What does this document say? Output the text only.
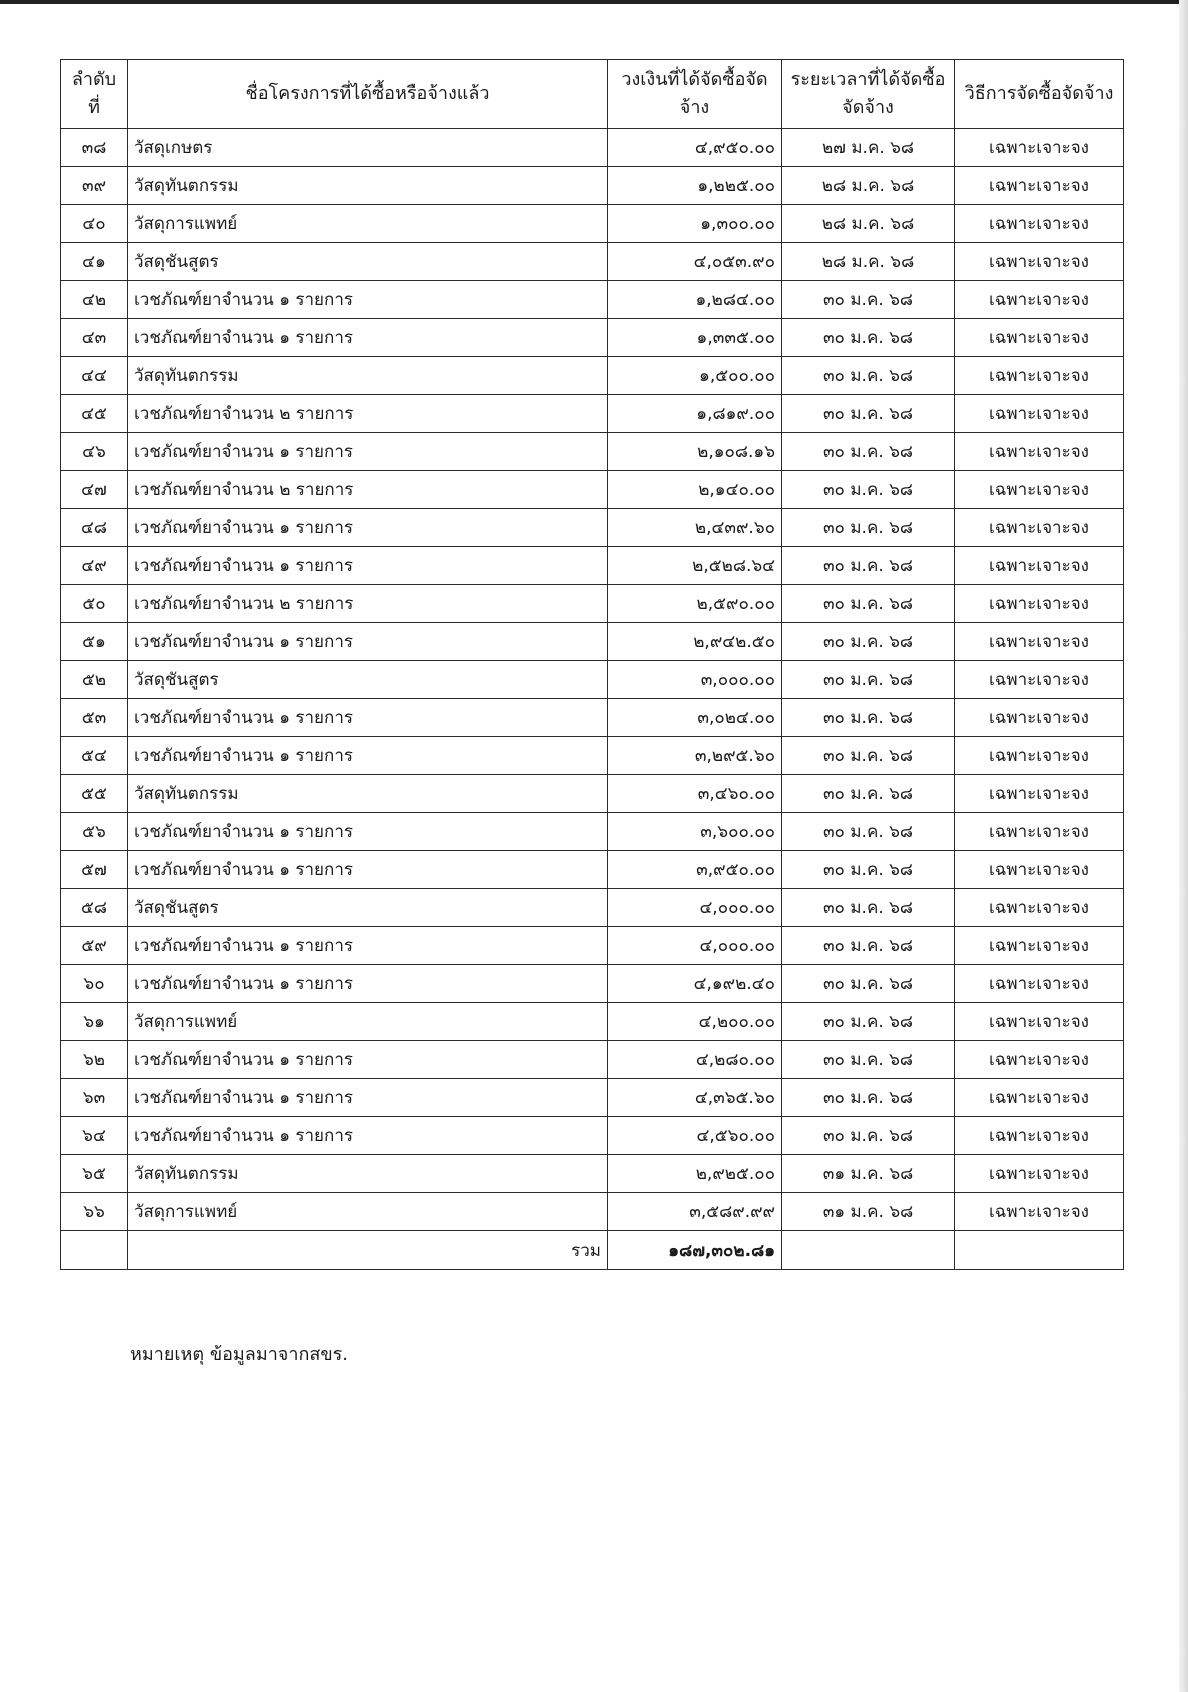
ลำดับที่	ชื่อโครงการที่ได้ซื้อหรือจ้างแล้ว	วงเงินที่ได้จัดซื้อจัดจ้าง	ระยะเวลาที่ได้จัดซื้อจัดจ้าง	วิธีการจัดซื้อจัดจ้าง
๓๘	วัสดุเกษตร	๔,๙๕๐.๐๐	๒๗ ม.ค. ๖๘	เฉพาะเจาะจง
๓๙	วัสดุทันตกรรม	๑,๒๒๕.๐๐	๒๘ ม.ค. ๖๘	เฉพาะเจาะจง
๔๐	วัสดุการแพทย์	๑,๓๐๐.๐๐	๒๘ ม.ค. ๖๘	เฉพาะเจาะจง
๔๑	วัสดุชันสูตร	๔,๐๕๓.๙๐	๒๘ ม.ค. ๖๘	เฉพาะเจาะจง
๔๒	เวชภัณฑ์ยาจำนวน ๑ รายการ	๑,๒๘๔.๐๐	๓๐ ม.ค. ๖๘	เฉพาะเจาะจง
๔๓	เวชภัณฑ์ยาจำนวน ๑ รายการ	๑,๓๓๕.๐๐	๓๐ ม.ค. ๖๘	เฉพาะเจาะจง
๔๔	วัสดุทันตกรรม	๑,๕๐๐.๐๐	๓๐ ม.ค. ๖๘	เฉพาะเจาะจง
๔๕	เวชภัณฑ์ยาจำนวน ๒ รายการ	๑,๘๑๙.๐๐	๓๐ ม.ค. ๖๘	เฉพาะเจาะจง
๔๖	เวชภัณฑ์ยาจำนวน ๑ รายการ	๒,๑๐๘.๑๖	๓๐ ม.ค. ๖๘	เฉพาะเจาะจง
๔๗	เวชภัณฑ์ยาจำนวน ๒ รายการ	๒,๑๔๐.๐๐	๓๐ ม.ค. ๖๘	เฉพาะเจาะจง
๔๘	เวชภัณฑ์ยาจำนวน ๑ รายการ	๒,๔๓๙.๖๐	๓๐ ม.ค. ๖๘	เฉพาะเจาะจง
๔๙	เวชภัณฑ์ยาจำนวน ๑ รายการ	๒,๕๒๘.๖๔	๓๐ ม.ค. ๖๘	เฉพาะเจาะจง
๕๐	เวชภัณฑ์ยาจำนวน ๒ รายการ	๒,๕๙๐.๐๐	๓๐ ม.ค. ๖๘	เฉพาะเจาะจง
๕๑	เวชภัณฑ์ยาจำนวน ๑ รายการ	๒,๙๔๒.๕๐	๓๐ ม.ค. ๖๘	เฉพาะเจาะจง
๕๒	วัสดุชันสูตร	๓,๐๐๐.๐๐	๓๐ ม.ค. ๖๘	เฉพาะเจาะจง
๕๓	เวชภัณฑ์ยาจำนวน ๑ รายการ	๓,๐๒๔.๐๐	๓๐ ม.ค. ๖๘	เฉพาะเจาะจง
๕๔	เวชภัณฑ์ยาจำนวน ๑ รายการ	๓,๒๙๕.๖๐	๓๐ ม.ค. ๖๘	เฉพาะเจาะจง
๕๕	วัสดุทันตกรรม	๓,๔๖๐.๐๐	๓๐ ม.ค. ๖๘	เฉพาะเจาะจง
๕๖	เวชภัณฑ์ยาจำนวน ๑ รายการ	๓,๖๐๐.๐๐	๓๐ ม.ค. ๖๘	เฉพาะเจาะจง
๕๗	เวชภัณฑ์ยาจำนวน ๑ รายการ	๓,๙๕๐.๐๐	๓๐ ม.ค. ๖๘	เฉพาะเจาะจง
๕๘	วัสดุชันสูตร	๔,๐๐๐.๐๐	๓๐ ม.ค. ๖๘	เฉพาะเจาะจง
๕๙	เวชภัณฑ์ยาจำนวน ๑ รายการ	๔,๐๐๐.๐๐	๓๐ ม.ค. ๖๘	เฉพาะเจาะจง
๖๐	เวชภัณฑ์ยาจำนวน ๑ รายการ	๔,๑๙๒.๔๐	๓๐ ม.ค. ๖๘	เฉพาะเจาะจง
๖๑	วัสดุการแพทย์	๔,๒๐๐.๐๐	๓๐ ม.ค. ๖๘	เฉพาะเจาะจง
๖๒	เวชภัณฑ์ยาจำนวน ๑ รายการ	๔,๒๘๐.๐๐	๓๐ ม.ค. ๖๘	เฉพาะเจาะจง
๖๓	เวชภัณฑ์ยาจำนวน ๑ รายการ	๔,๓๖๕.๖๐	๓๐ ม.ค. ๖๘	เฉพาะเจาะจง
๖๔	เวชภัณฑ์ยาจำนวน ๑ รายการ	๔,๕๖๐.๐๐	๓๐ ม.ค. ๖๘	เฉพาะเจาะจง
๖๕	วัสดุทันตกรรม	๒,๙๒๕.๐๐	๓๑ ม.ค. ๖๘	เฉพาะเจาะจง
๖๖	วัสดุการแพทย์	๓,๕๘๙.๙๙	๓๑ ม.ค. ๖๘	เฉพาะเจาะจง
	รวม	๑๘๗,๓๐๒.๘๑		
หมายเหตุ ข้อมูลมาจากสขร.
